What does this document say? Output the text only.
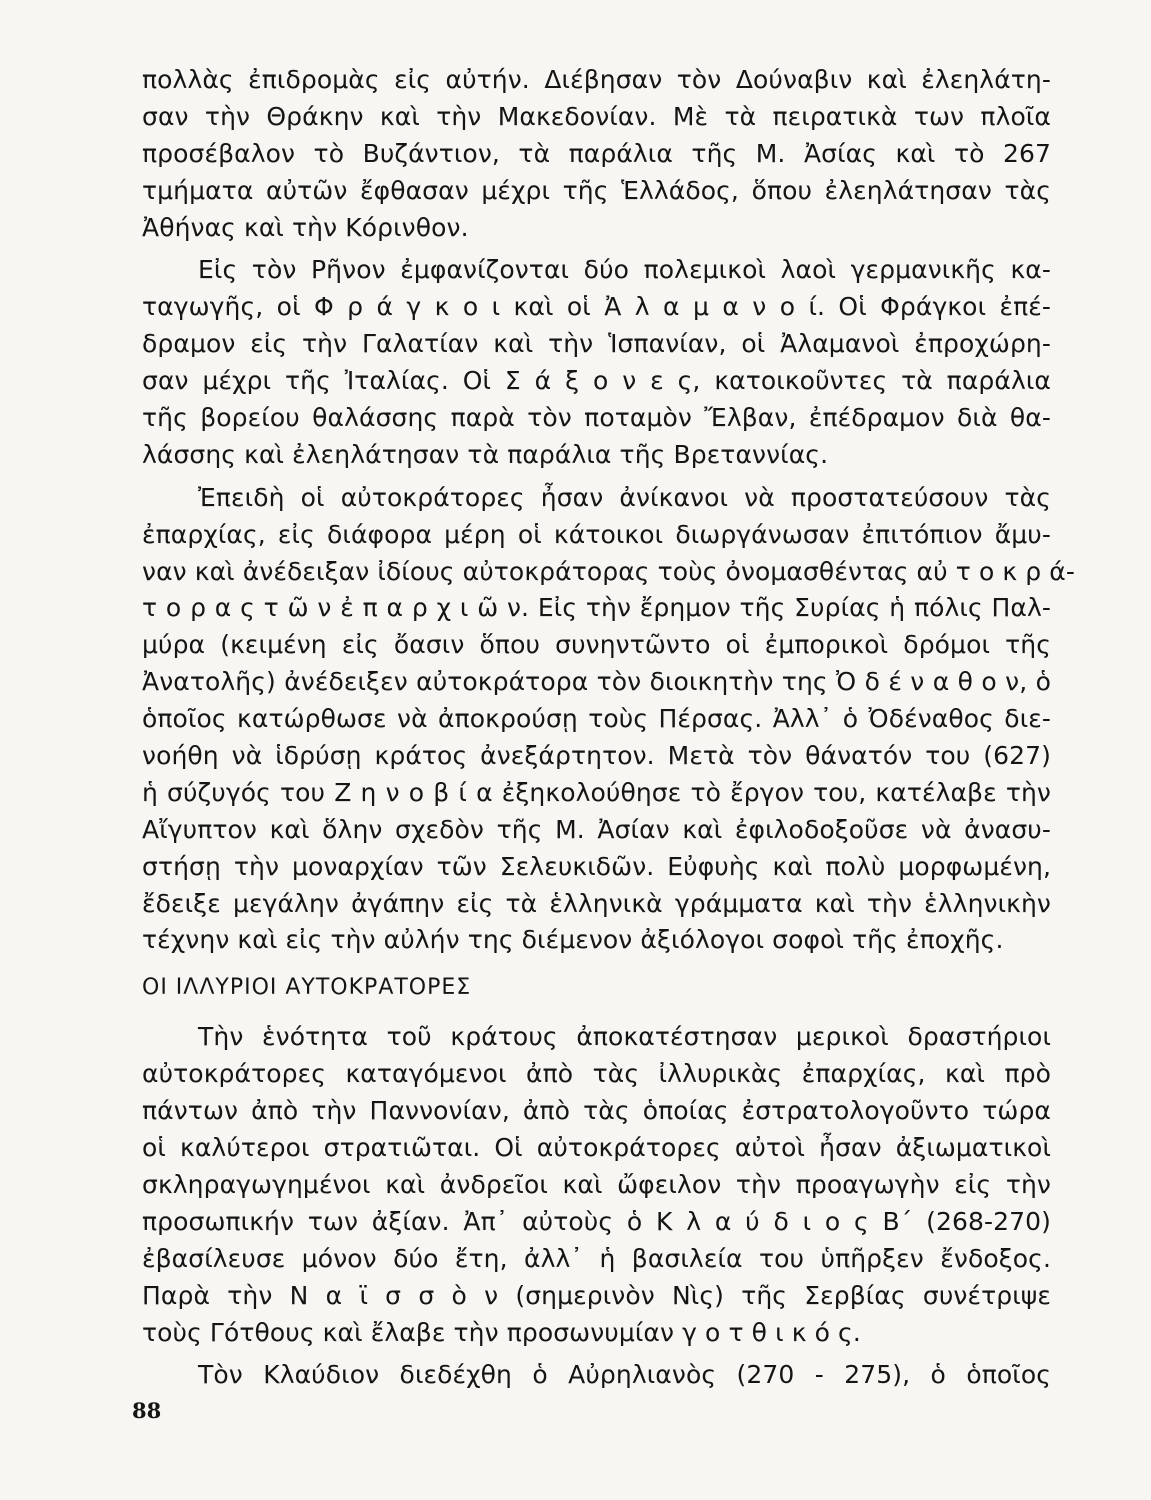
πολλὰς ἐπιδρομὰς εἰς αὐτήν. Διέβησαν τὸν Δούναβιν καὶ ἐλεηλάτη-
σαν τὴν Θράκην καὶ τὴν Μακεδονίαν. Μὲ τὰ πειρατικὰ των πλοῖα
προσέβαλον τὸ Βυζάντιον, τὰ παράλια τῆς Μ. Ἀσίας καὶ τὸ 267
τμήματα αὐτῶν ἔφθασαν μέχρι τῆς Ἑλλάδος, ὅπου ἐλεηλάτησαν τὰς
Ἀθήνας καὶ τὴν Κόρινθον.
Εἰς τὸν Ρῆνον ἐμφανίζονται δύο πολεμικοὶ λαοὶ γερμανικῆς κα-
ταγωγῆς, οἱ Φ ρ ά γ κ ο ι καὶ οἱ Ἀ λ α μ α ν ο ί. Οἱ Φράγκοι ἐπέ-
δραμον εἰς τὴν Γαλατίαν καὶ τὴν Ἱσπανίαν, οἱ Ἀλαμανοὶ ἐπροχώρη-
σαν μέχρι τῆς Ἰταλίας. Οἱ Σ ά ξ ο ν ε ς, κατοικοῦντες τὰ παράλια
τῆς βορείου θαλάσσης παρὰ τὸν ποταμὸν Ἔλβαν, ἐπέδραμον διὰ θα-
λάσσης καὶ ἐλεηλάτησαν τὰ παράλια τῆς Βρεταννίας.
Ἐπειδὴ οἱ αὐτοκράτορες ἦσαν ἀνίκανοι νὰ προστατεύσουν τὰς
ἐπαρχίας, εἰς διάφορα μέρη οἱ κάτοικοι διωργάνωσαν ἐπιτόπιον ἄμυ-
ναν καὶ ἀνέδειξαν ἰδίους αὐτοκράτορας τοὺς ὀνομασθέντας αὐ τ ο κ ρ ά-
τ ο ρ α ς τ ῶ ν ἐ π α ρ χ ι ῶ ν. Εἰς τὴν ἔρημον τῆς Συρίας ἡ πόλις Παλ-
μύρα (κειμένη εἰς ὄασιν ὅπου συνηντῶντο οἱ ἐμπορικοὶ δρόμοι τῆς
Ἀνατολῆς) ἀνέδειξεν αὐτοκράτορα τὸν διοικητὴν της Ὀ δ έ ν α θ ο ν, ὁ
ὁποῖος κατώρθωσε νὰ ἀποκρούσῃ τοὺς Πέρσας. Ἀλλ᾿ ὁ Ὀδέναθος διε-
νοήθη νὰ ἱδρύσῃ κράτος ἀνεξάρτητον. Μετὰ τὸν θάνατόν του (627)
ἡ σύζυγός του Ζ η ν ο β ί α ἐξηκολούθησε τὸ ἔργον του, κατέλαβε τὴν
Αἴγυπτον καὶ ὅλην σχεδὸν τῆς Μ. Ἀσίαν καὶ ἐφιλοδοξοῦσε νὰ ἀνασυ-
στήσῃ τὴν μοναρχίαν τῶν Σελευκιδῶν. Εὐφυὴς καὶ πολὺ μορφωμένη,
ἔδειξε μεγάλην ἀγάπην εἰς τὰ ἑλληνικὰ γράμματα καὶ τὴν ἑλληνικὴν
τέχνην καὶ εἰς τὴν αὐλήν της διέμενον ἀξιόλογοι σοφοὶ τῆς ἐποχῆς.
ΟΙ ΙΛΛΥΡΙΟΙ ΑΥΤΟΚΡΑΤΟΡΕΣ
Τὴν ἑνότητα τοῦ κράτους ἀποκατέστησαν μερικοὶ δραστήριοι
αὐτοκράτορες καταγόμενοι ἀπὸ τὰς ἰλλυρικὰς ἐπαρχίας, καὶ πρὸ
πάντων ἀπὸ τὴν Παννονίαν, ἀπὸ τὰς ὁποίας ἐστρατολογοῦντο τώρα
οἱ καλύτεροι στρατιῶται. Οἱ αὐτοκράτορες αὐτοὶ ἦσαν ἀξιωματικοὶ
σκληραγωγημένοι καὶ ἀνδρεῖοι καὶ ὤφειλον τὴν προαγωγὴν εἰς τὴν
προσωπικήν των ἀξίαν. Ἀπ᾿ αὐτοὺς ὁ Κ λ α ύ δ ι ο ς Β´ (268-270)
ἐβασίλευσε μόνον δύο ἔτη, ἀλλ᾿ ἡ βασιλεία του ὑπῆρξεν ἔνδοξος.
Παρὰ τὴν Ν α ϊ σ σ ὸ ν (σημερινὸν Νὶς) τῆς Σερβίας συνέτριψε
τοὺς Γότθους καὶ ἔλαβε τὴν προσωνυμίαν γ ο τ θ ι κ ό ς.
Τὸν Κλαύδιον διεδέχθη ὁ Αὐρηλιανὸς (270 - 275), ὁ ὁποῖος
88
